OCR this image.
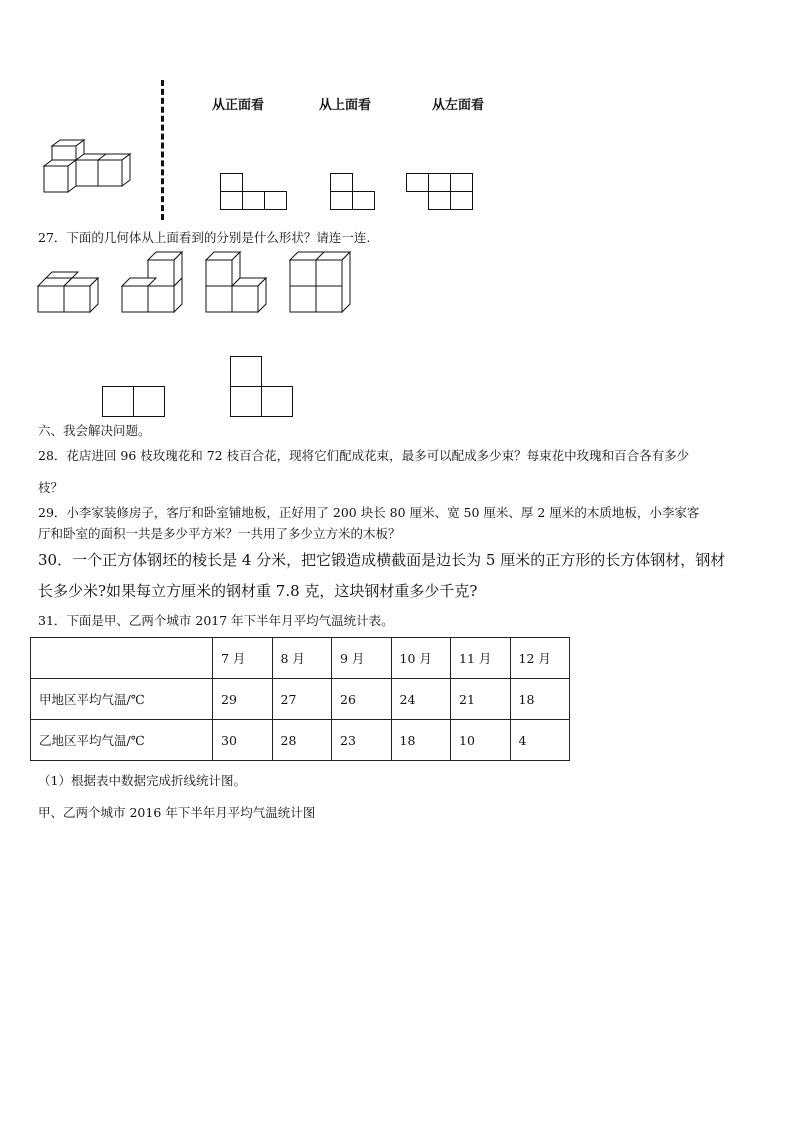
从正面看	从上面看	从左面看
27．下面的几何体从上面看到的分别是什么形状？请连一连.
六、我会解决问题。
28．花店进回 96 枝玫瑰花和 72 枝百合花，现将它们配成花束，最多可以配成多少束？每束花中玫瑰和百合各有多少
枝？
29．小李家装修房子，客厅和卧室铺地板，正好用了 200 块长 80 厘米、宽 50 厘米、厚 2 厘米的木质地板，小李家客
厅和卧室的面积一共是多少平方米？一共用了多少立方米的木板？
30．一个正方体钢坯的棱长是 4 分米，把它锻造成横截面是边长为 5 厘米的正方形的长方体钢材，钢材
长多少米?如果每立方厘米的钢材重 7.8 克，这块钢材重多少千克?
31．下面是甲、乙两个城市 2017 年下半年月平均气温统计表。
	7 月	8 月	9 月	10 月	11 月	12 月
甲地区平均气温/℃	29	27	26	24	21	18
乙地区平均气温/℃	30	28	23	18	10	4
（1）根据表中数据完成折线统计图。
甲、乙两个城市 2016 年下半年月平均气温统计图
